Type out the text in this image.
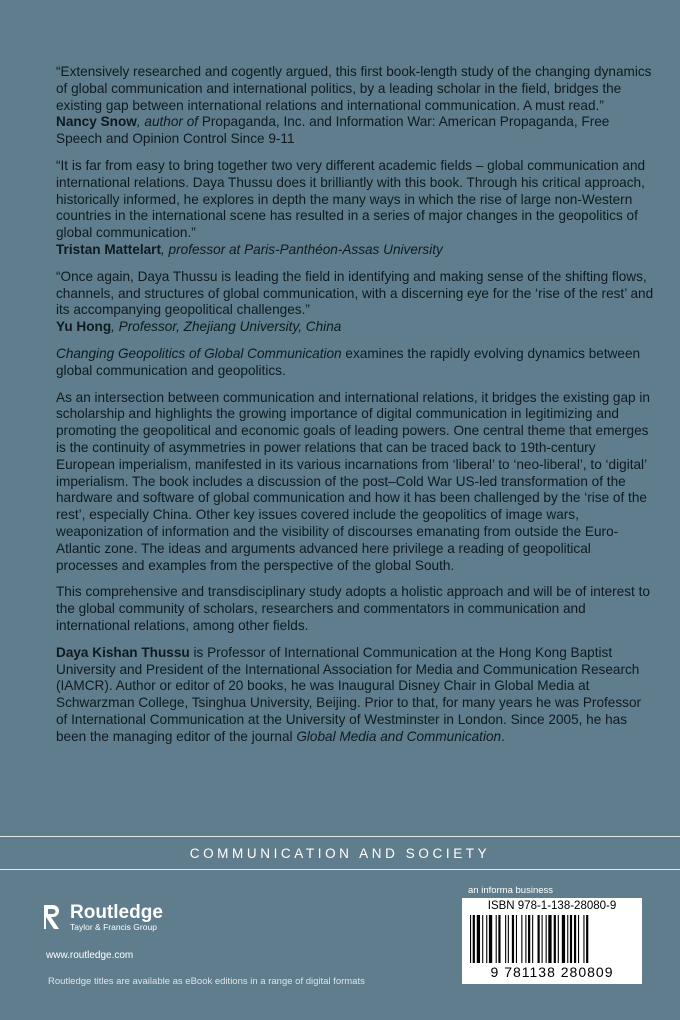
“Extensively researched and cogently argued, this first book-length study of the changing dynamics of global communication and international politics, by a leading scholar in the field, bridges the existing gap between international relations and international communication. A must read.”

Nancy Snow, author of Propaganda, Inc. and Information War: American Propaganda, Free Speech and Opinion Control Since 9-11

“It is far from easy to bring together two very different academic fields – global communication and international relations. Daya Thussu does it brilliantly with this book. Through his critical approach, historically informed, he explores in depth the many ways in which the rise of large non-Western countries in the international scene has resulted in a series of major changes in the geopolitics of global communication.”

Tristan Mattelart, professor at Paris-Panthéon-Assas University

“Once again, Daya Thussu is leading the field in identifying and making sense of the shifting flows, channels, and structures of global communication, with a discerning eye for the ‘rise of the rest’ and its accompanying geopolitical challenges.”

Yu Hong, Professor, Zhejiang University, China

Changing Geopolitics of Global Communication examines the rapidly evolving dynamics between global communication and geopolitics.

As an intersection between communication and international relations, it bridges the existing gap in scholarship and highlights the growing importance of digital communication in legitimizing and promoting the geopolitical and economic goals of leading powers. One central theme that emerges is the continuity of asymmetries in power relations that can be traced back to 19th-century European imperialism, manifested in its various incarnations from ‘liberal’ to ‘neo-liberal’, to ‘digital’ imperialism. The book includes a discussion of the post–Cold War US-led transformation of the hardware and software of global communication and how it has been challenged by the ‘rise of the rest’, especially China. Other key issues covered include the geopolitics of image wars, weaponization of information and the visibility of discourses emanating from outside the Euro-Atlantic zone. The ideas and arguments advanced here privilege a reading of geopolitical processes and examples from the perspective of the global South.

This comprehensive and transdisciplinary study adopts a holistic approach and will be of interest to the global community of scholars, researchers and commentators in communication and international relations, among other fields.

Daya Kishan Thussu is Professor of International Communication at the Hong Kong Baptist University and President of the International Association for Media and Communication Research (IAMCR). Author or editor of 20 books, he was Inaugural Disney Chair in Global Media at Schwarzman College, Tsinghua University, Beijing. Prior to that, for many years he was Professor of International Communication at the University of Westminster in London. Since 2005, he has been the managing editor of the journal Global Media and Communication.

COMMUNICATION AND SOCIETY
Routledge
Taylor & Francis Group
www.routledge.com
Routledge titles are available as eBook editions in a range of digital formats
an informa business
ISBN 978-1-138-28080-9
9 781138 280809
